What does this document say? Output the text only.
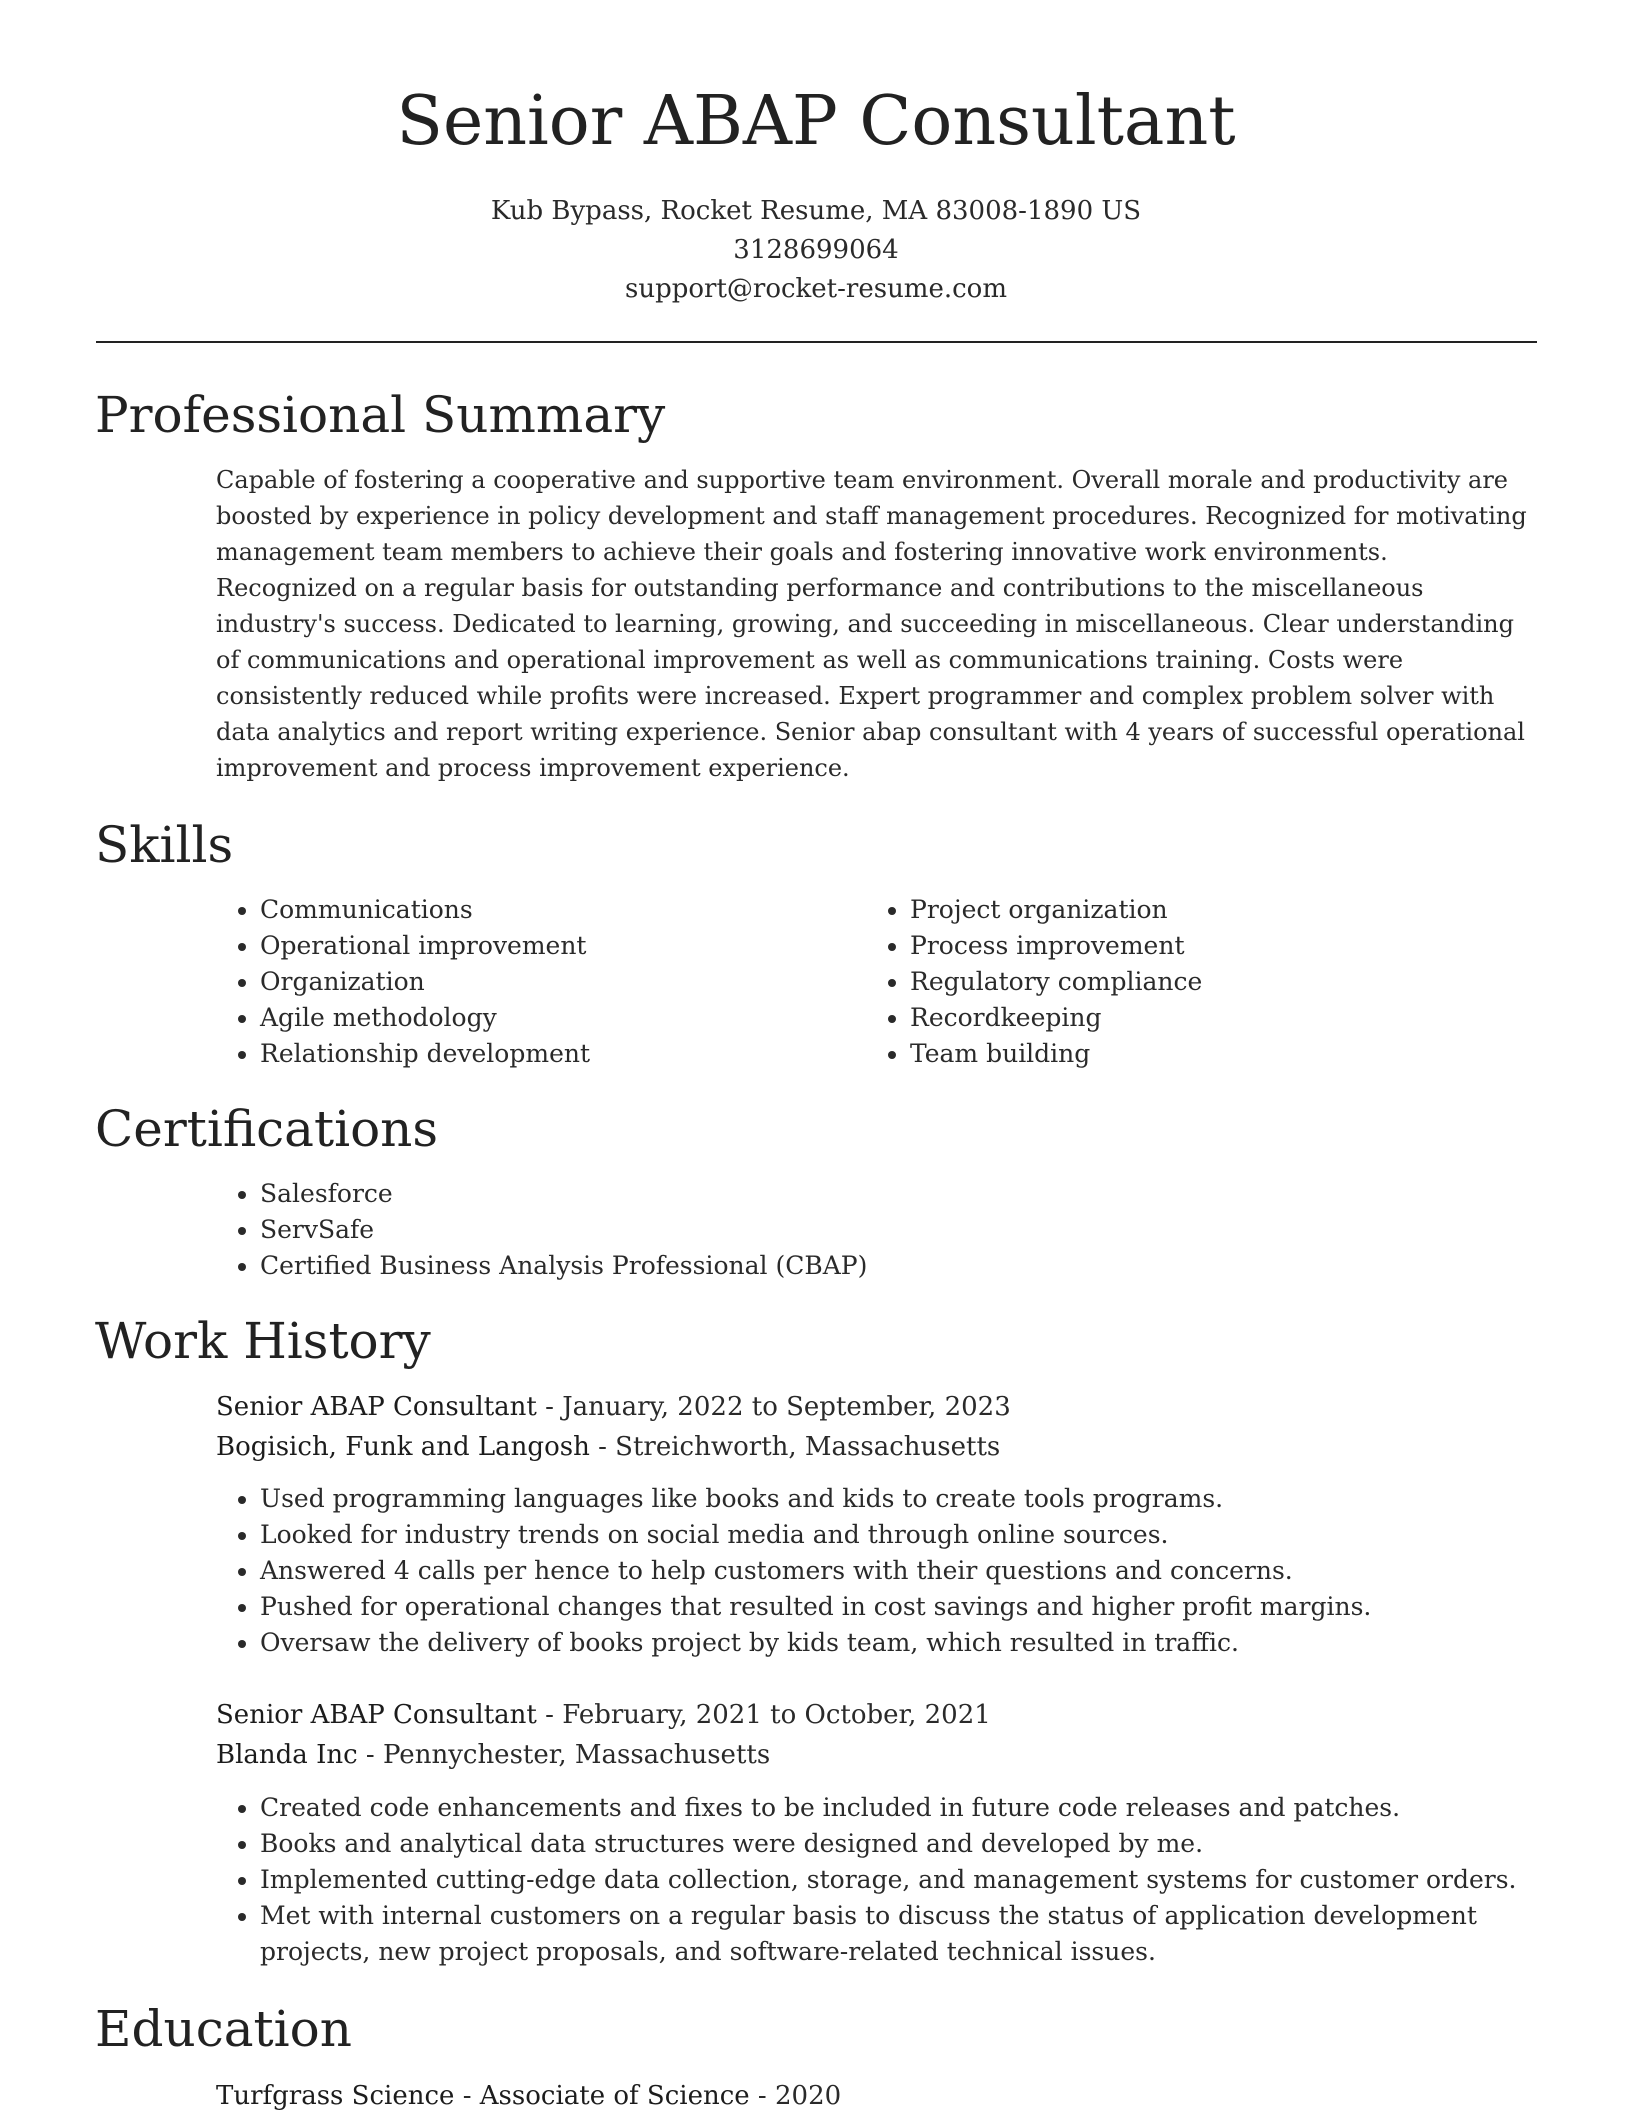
Senior ABAP Consultant
Kub Bypass, Rocket Resume, MA 83008-1890 US
3128699064
support@rocket-resume.com
Professional Summary

Capable of fostering a cooperative and supportive team environment. Overall morale and productivity are boosted by experience in policy development and staff management procedures. Recognized for motivating management team members to achieve their goals and fostering innovative work environments. Recognized on a regular basis for outstanding performance and contributions to the miscellaneous industry's success. Dedicated to learning, growing, and succeeding in miscellaneous. Clear understanding of communications and operational improvement as well as communications training. Costs were consistently reduced while profits were increased. Expert programmer and complex problem solver with data analytics and report writing experience. Senior abap consultant with 4 years of successful operational improvement and process improvement experience.

Skills
• Communications
• Operational improvement
• Organization
• Agile methodology
• Relationship development
• Project organization
• Process improvement
• Regulatory compliance
• Recordkeeping
• Team building
Certifications
• Salesforce
• ServSafe
• Certified Business Analysis Professional (CBAP)
Work History
Senior ABAP Consultant - January, 2022 to September, 2023
Bogisich, Funk and Langosh - Streichworth, Massachusetts
• Used programming languages like books and kids to create tools programs.
• Looked for industry trends on social media and through online sources.
• Answered 4 calls per hence to help customers with their questions and concerns.
• Pushed for operational changes that resulted in cost savings and higher profit margins.
• Oversaw the delivery of books project by kids team, which resulted in traffic.
Senior ABAP Consultant - February, 2021 to October, 2021
Blanda Inc - Pennychester, Massachusetts
• Created code enhancements and fixes to be included in future code releases and patches.
• Books and analytical data structures were designed and developed by me.
• Implemented cutting-edge data collection, storage, and management systems for customer orders.
• Met with internal customers on a regular basis to discuss the status of application development projects, new project proposals, and software-related technical issues.
Education
Turfgrass Science - Associate of Science - 2020
